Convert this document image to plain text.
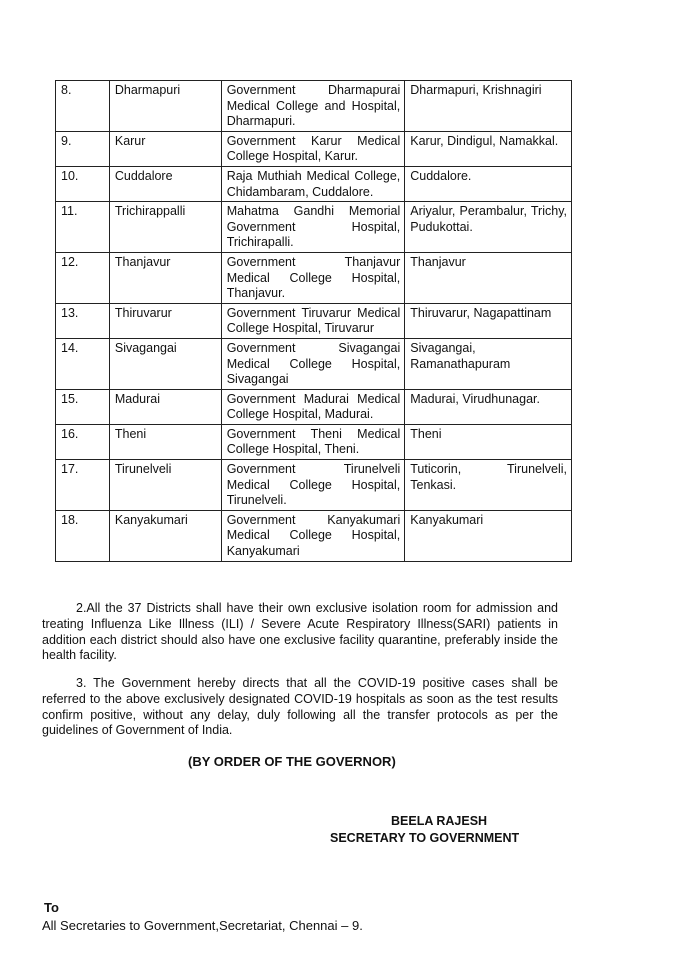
8.	Dharmapuri	Government Dharmapurai Medical College and Hospital, Dharmapuri.	Dharmapuri, Krishnagiri
9.	Karur	Government Karur Medical College Hospital, Karur.	Karur, Dindigul, Namakkal.
10.	Cuddalore	Raja Muthiah Medical College, Chidambaram, Cuddalore.	Cuddalore.
11.	Trichirappalli	Mahatma Gandhi Memorial Government Hospital, Trichirapalli.	Ariyalur, Perambalur, Trichy, Pudukottai.
12.	Thanjavur	Government Thanjavur Medical College Hospital, Thanjavur.	Thanjavur
13.	Thiruvarur	Government Tiruvarur Medical College Hospital, Tiruvarur	Thiruvarur, Nagapattinam
14.	Sivagangai	Government Sivagangai Medical College Hospital, Sivagangai	Sivagangai, Ramanathapuram
15.	Madurai	Government Madurai Medical College Hospital, Madurai.	Madurai, Virudhunagar.
16.	Theni	Government Theni Medical College Hospital, Theni.	Theni
17.	Tirunelveli	Government Tirunelveli Medical College Hospital, Tirunelveli.	Tuticorin, Tirunelveli, Tenkasi.
18.	Kanyakumari	Government Kanyakumari Medical College Hospital, Kanyakumari	Kanyakumari

2.All the 37 Districts shall have their own exclusive isolation room for admission and treating Influenza Like Illness (ILI) / Severe Acute Respiratory Illness(SARI) patients in addition each district should also have one exclusive facility quarantine, preferably inside the health facility.

3. The Government hereby directs that all the COVID-19 positive cases shall be referred to the above exclusively designated COVID-19 hospitals as soon as the test results confirm positive, without any delay, duly following all the transfer protocols as per the guidelines of Government of India.

(BY ORDER OF THE GOVERNOR)
BEELA RAJESH
SECRETARY TO GOVERNMENT
To
All Secretaries to Government,Secretariat, Chennai – 9.
